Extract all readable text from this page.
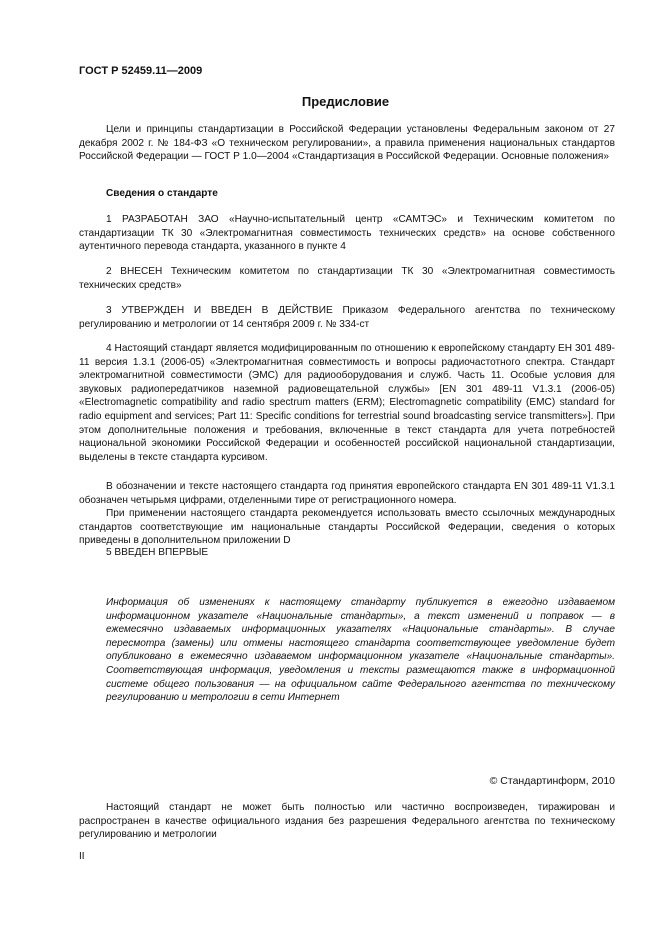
ГОСТ Р 52459.11—2009
Предисловие
Цели и принципы стандартизации в Российской Федерации установлены Федеральным законом от 27 декабря 2002 г. № 184-ФЗ «О техническом регулировании», а правила применения национальных стандартов Российской Федерации — ГОСТ Р 1.0—2004 «Стандартизация в Российской Федерации. Основные положения»
Сведения о стандарте
1 РАЗРАБОТАН ЗАО «Научно-испытательный центр «САМТЭС» и Техническим комитетом по стандартизации ТК 30 «Электромагнитная совместимость технических средств» на основе собственного аутентичного перевода стандарта, указанного в пункте 4
2 ВНЕСЕН Техническим комитетом по стандартизации ТК 30 «Электромагнитная совместимость технических средств»
3 УТВЕРЖДЕН И ВВЕДЕН В ДЕЙСТВИЕ Приказом Федерального агентства по техническому регулированию и метрологии от 14 сентября 2009 г. № 334-ст
4 Настоящий стандарт является модифицированным по отношению к европейскому стандарту ЕН 301 489-11 версия 1.3.1 (2006-05) «Электромагнитная совместимость и вопросы радиочастотного спектра. Стандарт электромагнитной совместимости (ЭМС) для радиооборудования и служб. Часть 11. Особые условия для звуковых радиопередатчиков наземной радиовещательной службы» [EN 301 489-11 V1.3.1 (2006-05) «Electromagnetic compatibility and radio spectrum matters (ERM); Electromagnetic compatibility (EMC) standard for radio equipment and services; Part 11: Specific conditions for terrestrial sound broadcasting service transmitters»]. При этом дополнительные положения и требования, включенные в текст стандарта для учета потребностей национальной экономики Российской Федерации и особенностей российской национальной стандартизации, выделены в тексте стандарта курсивом.
В обозначении и тексте настоящего стандарта год принятия европейского стандарта EN 301 489-11 V1.3.1 обозначен четырьмя цифрами, отделенными тире от регистрационного номера.
При применении настоящего стандарта рекомендуется использовать вместо ссылочных международных стандартов соответствующие им национальные стандарты Российской Федерации, сведения о которых приведены в дополнительном приложении D
5 ВВЕДЕН ВПЕРВЫЕ
Информация об изменениях к настоящему стандарту публикуется в ежегодно издаваемом информационном указателе «Национальные стандарты», а текст изменений и поправок — в ежемесячно издаваемых информационных указателях «Национальные стандарты». В случае пересмотра (замены) или отмены настоящего стандарта соответствующее уведомление будет опубликовано в ежемесячно издаваемом информационном указателе «Национальные стандарты». Соответствующая информация, уведомления и тексты размещаются также в информационной системе общего пользования — на официальном сайте Федерального агентства по техническому регулированию и метрологии в сети Интернет
© Стандартинформ, 2010
Настоящий стандарт не может быть полностью или частично воспроизведен, тиражирован и распространен в качестве официального издания без разрешения Федерального агентства по техническому регулированию и метрологии
II
